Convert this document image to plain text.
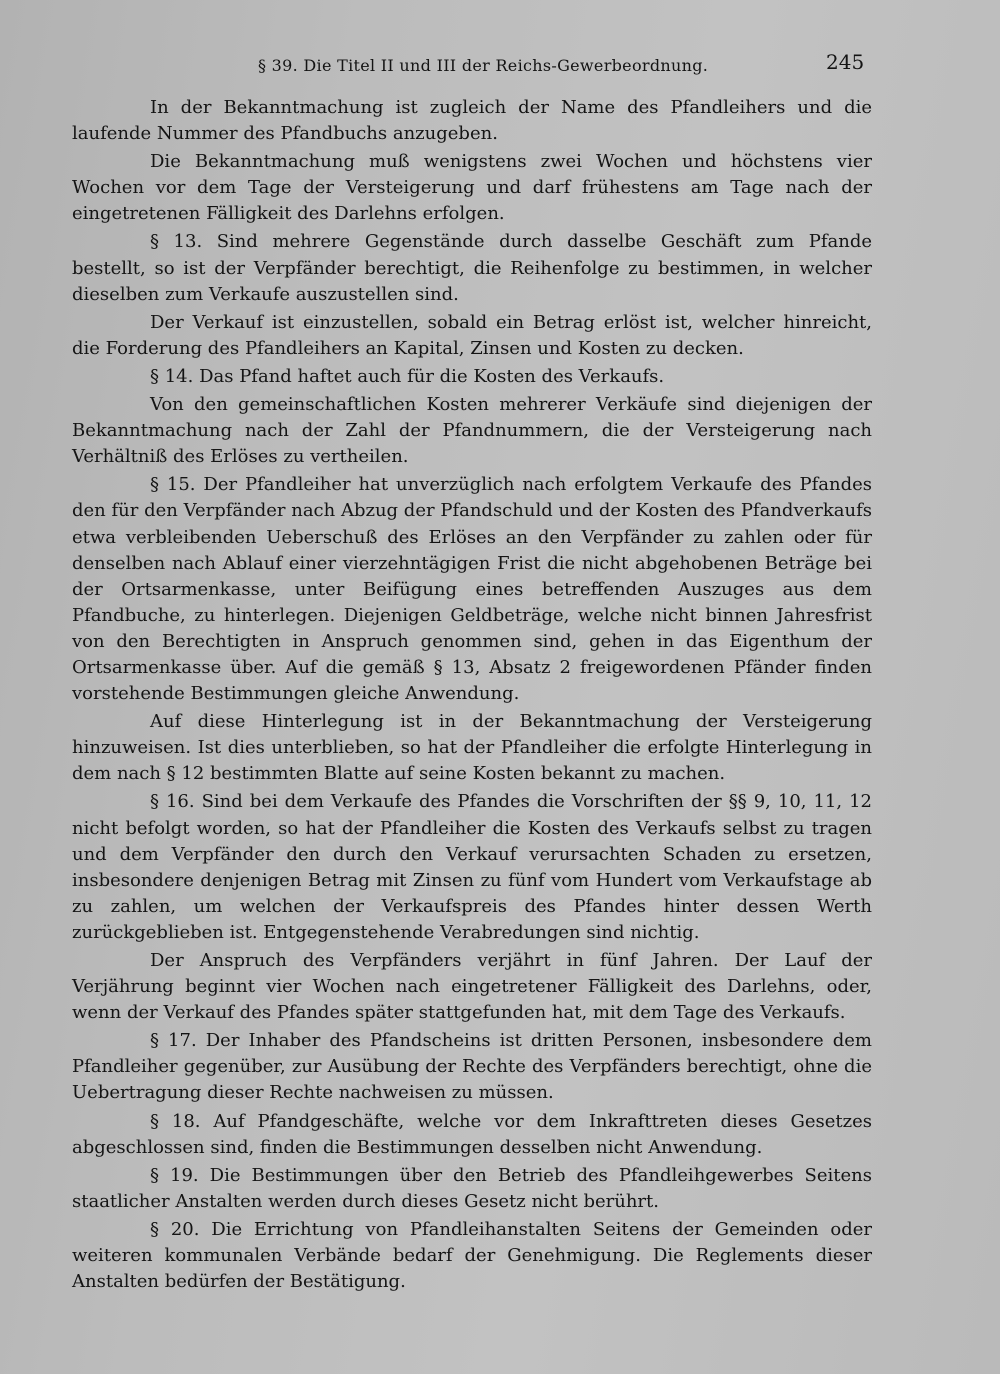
§ 39. Die Titel II und III der Reichs-Gewerbeordnung.	245

In der Bekanntmachung ist zugleich der Name des Pfandleihers und die laufende Nummer des Pfandbuchs anzugeben.

Die Bekanntmachung muß wenigstens zwei Wochen und höchstens vier Wochen vor dem Tage der Versteigerung und darf frühestens am Tage nach der eingetretenen Fälligkeit des Darlehns erfolgen.

§ 13. Sind mehrere Gegenstände durch dasselbe Geschäft zum Pfande bestellt, so ist der Verpfänder berechtigt, die Reihenfolge zu bestimmen, in welcher dieselben zum Verkaufe auszustellen sind.

Der Verkauf ist einzustellen, sobald ein Betrag erlöst ist, welcher hinreicht, die Forderung des Pfandleihers an Kapital, Zinsen und Kosten zu decken.

§ 14. Das Pfand haftet auch für die Kosten des Verkaufs.

Von den gemeinschaftlichen Kosten mehrerer Verkäufe sind diejenigen der Bekanntmachung nach der Zahl der Pfandnummern, die der Versteigerung nach Verhältniß des Erlöses zu vertheilen.

§ 15. Der Pfandleiher hat unverzüglich nach erfolgtem Verkaufe des Pfandes den für den Verpfänder nach Abzug der Pfandschuld und der Kosten des Pfandverkaufs etwa verbleibenden Ueberschuß des Erlöses an den Verpfänder zu zahlen oder für denselben nach Ablauf einer vierzehntägigen Frist die nicht abgehobenen Beträge bei der Ortsarmenkasse, unter Beifügung eines betreffenden Auszuges aus dem Pfandbuche, zu hinterlegen. Diejenigen Geldbeträge, welche nicht binnen Jahresfrist von den Berechtigten in Anspruch genommen sind, gehen in das Eigenthum der Ortsarmenkasse über. Auf die gemäß § 13, Absatz 2 freigewordenen Pfänder finden vorstehende Bestimmungen gleiche Anwendung.

Auf diese Hinterlegung ist in der Bekanntmachung der Versteigerung hinzuweisen. Ist dies unterblieben, so hat der Pfandleiher die erfolgte Hinterlegung in dem nach § 12 bestimmten Blatte auf seine Kosten bekannt zu machen.

§ 16. Sind bei dem Verkaufe des Pfandes die Vorschriften der §§ 9, 10, 11, 12 nicht befolgt worden, so hat der Pfandleiher die Kosten des Verkaufs selbst zu tragen und dem Verpfänder den durch den Verkauf verursachten Schaden zu ersetzen, insbesondere denjenigen Betrag mit Zinsen zu fünf vom Hundert vom Verkaufstage ab zu zahlen, um welchen der Verkaufspreis des Pfandes hinter dessen Werth zurückgeblieben ist. Entgegenstehende Verabredungen sind nichtig.

Der Anspruch des Verpfänders verjährt in fünf Jahren. Der Lauf der Verjährung beginnt vier Wochen nach eingetretener Fälligkeit des Darlehns, oder, wenn der Verkauf des Pfandes später stattgefunden hat, mit dem Tage des Verkaufs.

§ 17. Der Inhaber des Pfandscheins ist dritten Personen, insbesondere dem Pfandleiher gegenüber, zur Ausübung der Rechte des Verpfänders berechtigt, ohne die Uebertragung dieser Rechte nachweisen zu müssen.

§ 18. Auf Pfandgeschäfte, welche vor dem Inkrafttreten dieses Gesetzes abgeschlossen sind, finden die Bestimmungen desselben nicht Anwendung.

§ 19. Die Bestimmungen über den Betrieb des Pfandleihgewerbes Seitens staatlicher Anstalten werden durch dieses Gesetz nicht berührt.

§ 20. Die Errichtung von Pfandleihanstalten Seitens der Gemeinden oder weiteren kommunalen Verbände bedarf der Genehmigung. Die Reglements dieser Anstalten bedürfen der Bestätigung.
